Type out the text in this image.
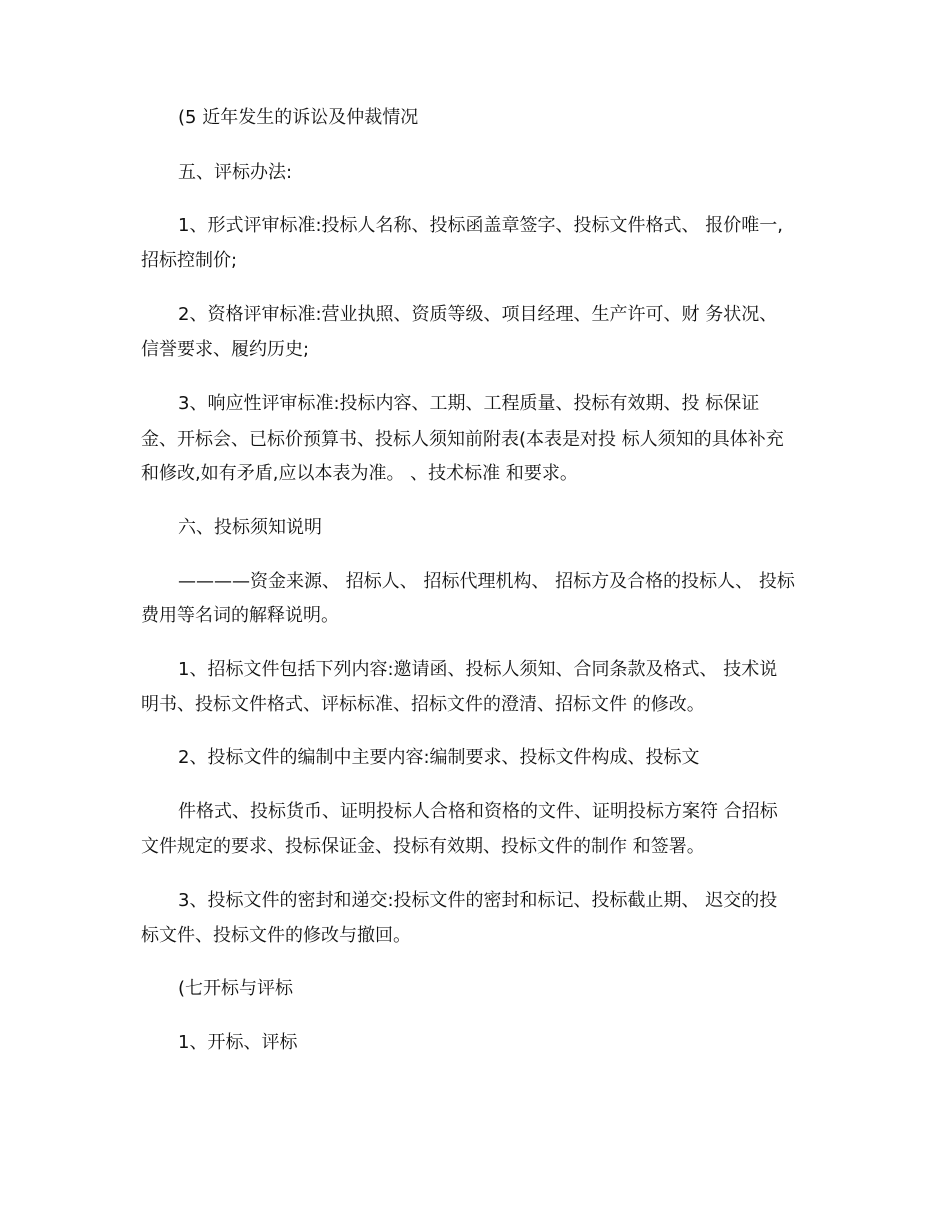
(5 近年发生的诉讼及仲裁情况
五、评标办法:
1、形式评审标准:投标人名称、投标函盖章签字、投标文件格式、 报价唯一,
招标控制价;
2、资格评审标准:营业执照、资质等级、项目经理、生产许可、财 务状况、
信誉要求、履约历史;
3、响应性评审标准:投标内容、工期、工程质量、投标有效期、投 标保证
金、开标会、已标价预算书、投标人须知前附表(本表是对投 标人须知的具体补充
和修改,如有矛盾,应以本表为准。 、技术标准 和要求。
六、投标须知说明
————资金来源、 招标人、 招标代理机构、 招标方及合格的投标人、 投标
费用等名词的解释说明。
1、招标文件包括下列内容:邀请函、投标人须知、合同条款及格式、 技术说
明书、投标文件格式、评标标准、招标文件的澄清、招标文件 的修改。
2、投标文件的编制中主要内容:编制要求、投标文件构成、投标文
件格式、投标货币、证明投标人合格和资格的文件、证明投标方案符 合招标
文件规定的要求、投标保证金、投标有效期、投标文件的制作 和签署。
3、投标文件的密封和递交:投标文件的密封和标记、投标截止期、 迟交的投
标文件、投标文件的修改与撤回。
(七开标与评标
1、开标、评标
